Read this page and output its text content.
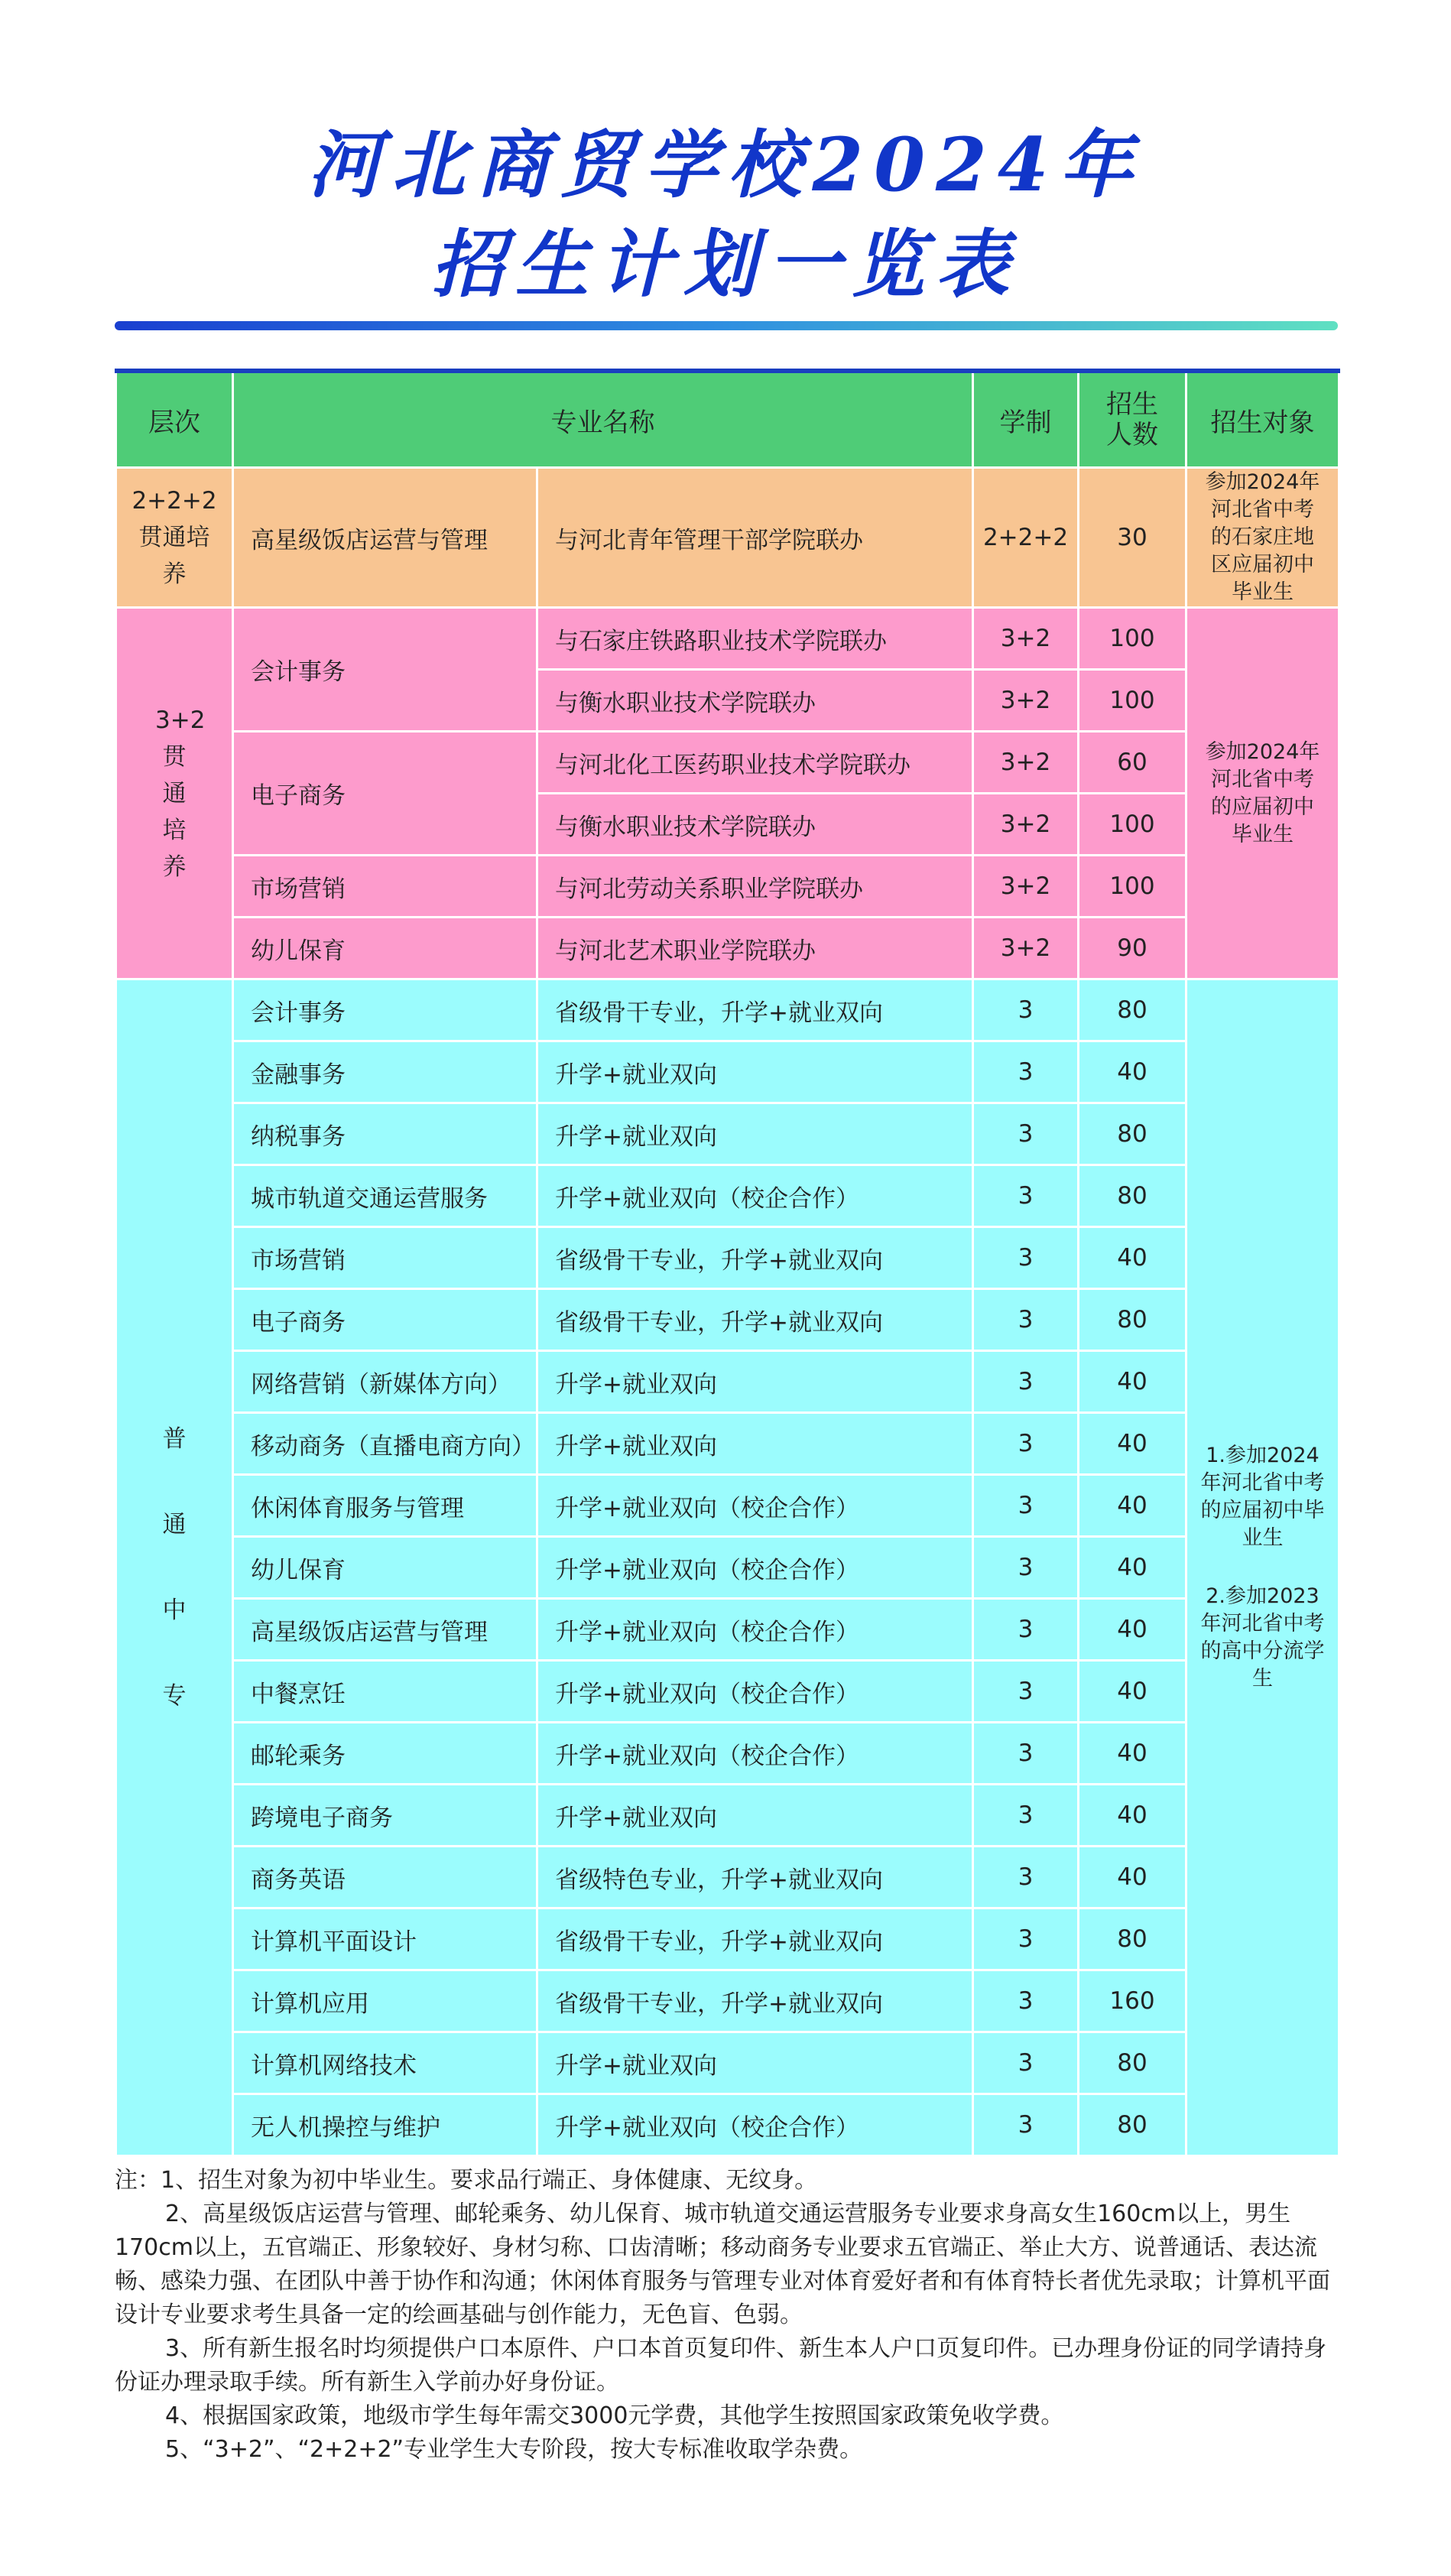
河北商贸学校2024年
招生计划一览表
层次	专业名称		学制	招生人数	招生对象
2+2+2贯通培养	高星级饭店运营与管理	与河北青年管理干部学院联办	2+2+2	30	参加2024年河北省中考的石家庄地区应届初中毕业生
3+2贯通培养	会计事务	与石家庄铁路职业技术学院联办	3+2	100	参加2024年河北省中考的应届初中毕业生
		与衡水职业技术学院联办	3+2	100	
	电子商务	与河北化工医药职业技术学院联办	3+2	60	
		与衡水职业技术学院联办	3+2	100	
	市场营销	与河北劳动关系职业学院联办	3+2	100	
	幼儿保育	与河北艺术职业学院联办	3+2	90	
普通中专	会计事务	省级骨干专业，升学+就业双向	3	80	1.参加2024年河北省中考的应届初中毕业生
2.参加2023年河北省中考的高中分流学生

	金融事务	升学+就业双向	3	40	
	纳税事务	升学+就业双向	3	80	
	城市轨道交通运营服务	升学+就业双向（校企合作）	3	80	
	市场营销	省级骨干专业，升学+就业双向	3	40	
	电子商务	省级骨干专业，升学+就业双向	3	80	
	网络营销（新媒体方向）	升学+就业双向	3	40	
	移动商务（直播电商方向）	升学+就业双向	3	40	
	休闲体育服务与管理	升学+就业双向（校企合作）	3	40	
	幼儿保育	升学+就业双向（校企合作）	3	40	
	高星级饭店运营与管理	升学+就业双向（校企合作）	3	40	
	中餐烹饪	升学+就业双向（校企合作）	3	40	
	邮轮乘务	升学+就业双向（校企合作）	3	40	
	跨境电子商务	升学+就业双向	3	40	
	商务英语	省级特色专业，升学+就业双向	3	40	
	计算机平面设计	省级骨干专业，升学+就业双向	3	80	
	计算机应用	省级骨干专业，升学+就业双向	3	160	
	计算机网络技术	升学+就业双向	3	80	
	无人机操控与维护	升学+就业双向（校企合作）	3	80	

注：1、招生对象为初中毕业生。要求品行端正、身体健康、无纹身。

2、高星级饭店运营与管理、邮轮乘务、幼儿保育、城市轨道交通运营服务专业要求身高女生160cm以上，男生170cm以上，五官端正、形象较好、身材匀称、口齿清晰；移动商务专业要求五官端正、举止大方、说普通话、表达流畅、感染力强、在团队中善于协作和沟通；休闲体育服务与管理专业对体育爱好者和有体育特长者优先录取；计算机平面设计专业要求考生具备一定的绘画基础与创作能力，无色盲、色弱。

3、所有新生报名时均须提供户口本原件、户口本首页复印件、新生本人户口页复印件。已办理身份证的同学请持身份证办理录取手续。所有新生入学前办好身份证。

4、根据国家政策，地级市学生每年需交3000元学费，其他学生按照国家政策免收学费。

5、“3+2”、“2+2+2”专业学生大专阶段，按大专标准收取学杂费。
